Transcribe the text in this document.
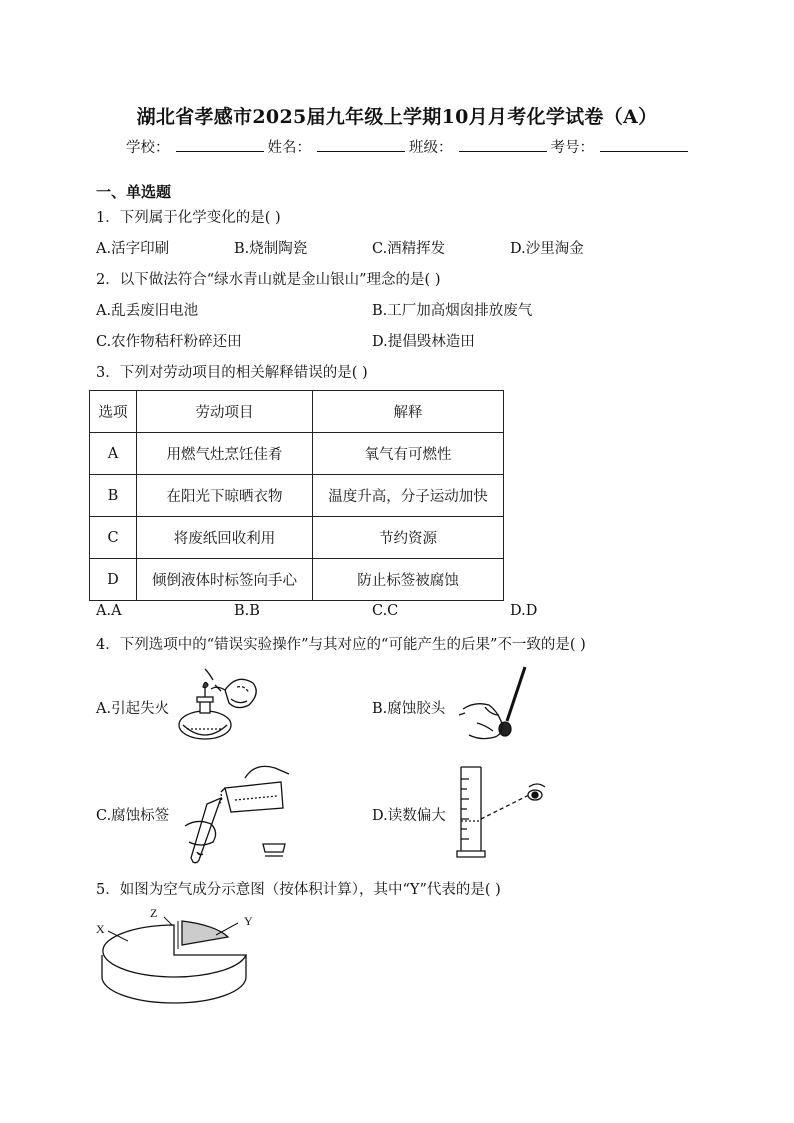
湖北省孝感市2025届九年级上学期10月月考化学试卷（A）
学校：	姓名：	班级：	考号：
一、单选题
1．下列属于化学变化的是( )
A.活字印刷	B.烧制陶瓷	C.酒精挥发	D.沙里淘金
2．以下做法符合“绿水青山就是金山银山”理念的是( )
A.乱丢废旧电池	B.工厂加高烟囱排放废气
C.农作物秸秆粉碎还田	D.提倡毁林造田
3．下列对劳动项目的相关解释错误的是( )
选项	劳动项目	解释
A	用燃气灶烹饪佳肴	氧气有可燃性
B	在阳光下晾晒衣物	温度升高，分子运动加快
C	将废纸回收利用	节约资源
D	倾倒液体时标签向手心	防止标签被腐蚀
A.A	B.B	C.C	D.D
4．下列选项中的“错误实验操作”与其对应的“可能产生的后果”不一致的是( )
A.引起失火	B.腐蚀胶头
C.腐蚀标签	D.读数偏大
5．如图为空气成分示意图（按体积计算），其中“Y”代表的是( )
X
Z
Y
